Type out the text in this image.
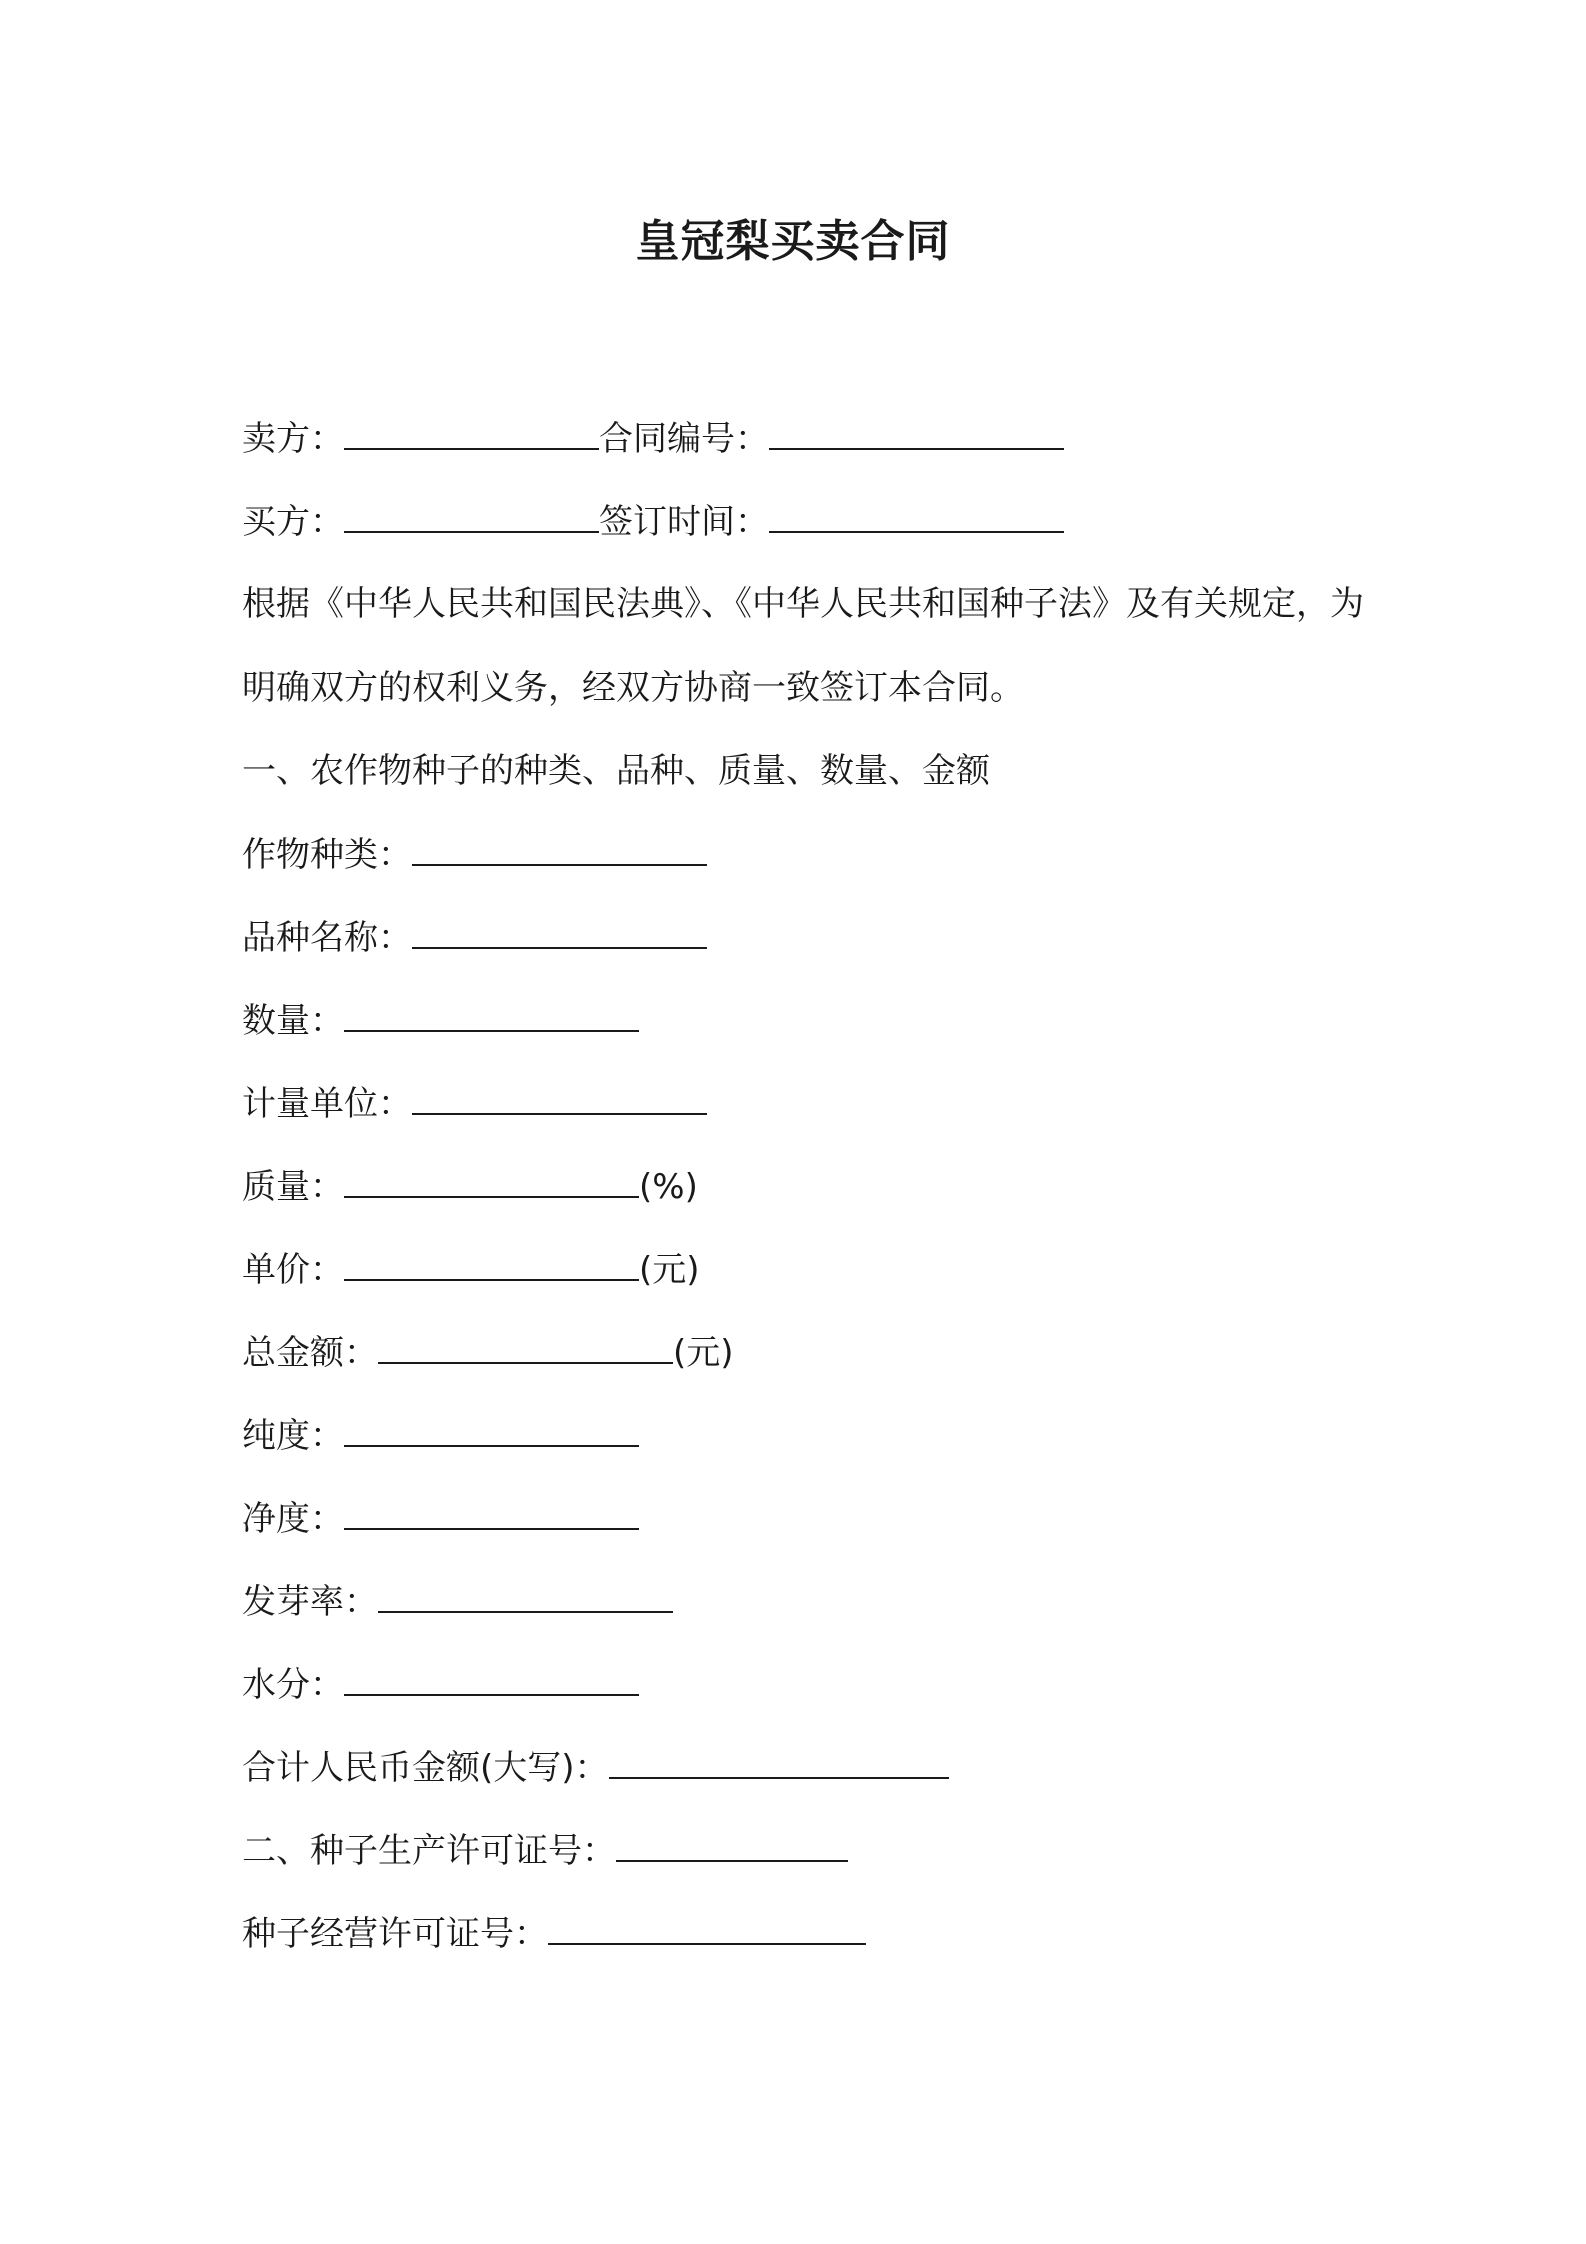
皇冠梨买卖合同
卖方：	合同编号：
买方：	签订时间：
根据《中华人民共和国民法典》、《中华人民共和国种子法》及有关规定，为明确双方的权利义务，经双方协商一致签订本合同。
一、农作物种子的种类、品种、质量、数量、金额
作物种类：
品种名称：
数量：
计量单位：
质量：	(%)
单价：	(元)
总金额：	(元)
纯度：
净度：
发芽率：
水分：
合计人民币金额(大写)：
二、种子生产许可证号：
种子经营许可证号：
